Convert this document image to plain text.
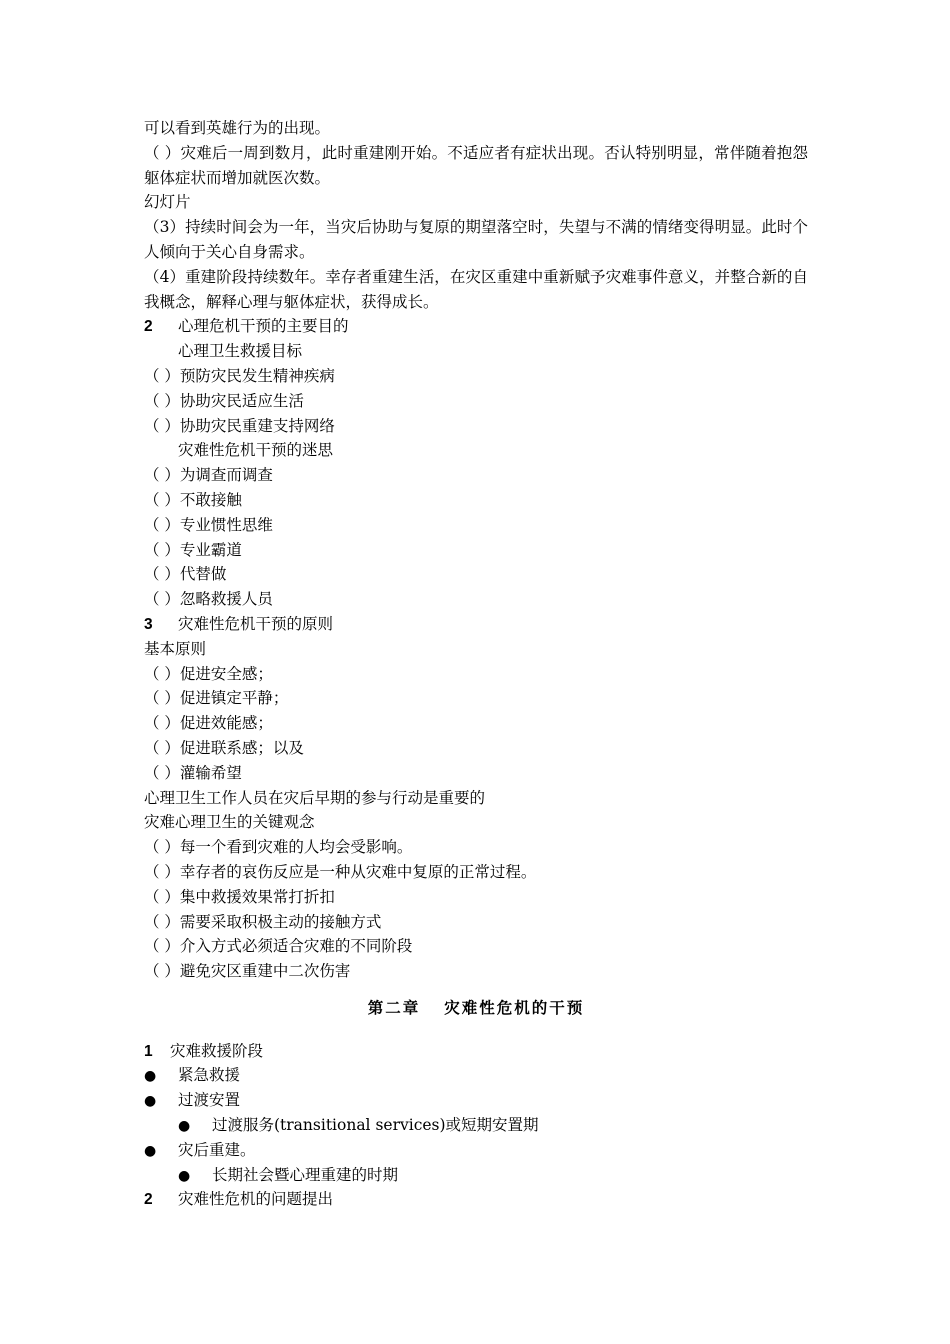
可以看到英雄行为的出现。
（ ）灾难后一周到数月，此时重建刚开始。不适应者有症状出现。否认特别明显，常伴随着抱怨躯体症状而增加就医次数。
幻灯片
（3）持续时间会为一年，当灾后协助与复原的期望落空时，失望与不满的情绪变得明显。此时个人倾向于关心自身需求。
（4）重建阶段持续数年。幸存者重建生活，在灾区重建中重新赋予灾难事件意义，并整合新的自我概念，解释心理与躯体症状，获得成长。
2 心理危机干预的主要目的
心理卫生救援目标
（ ）预防灾民发生精神疾病
（ ）协助灾民适应生活
（ ）协助灾民重建支持网络
灾难性危机干预的迷思
（ ）为调查而调查
（ ）不敢接触
（ ）专业惯性思维
（ ）专业霸道
（ ）代替做
（ ）忽略救援人员
3 灾难性危机干预的原则
基本原则
（ ）促进安全感；
（ ）促进镇定平静；
（ ）促进效能感；
（ ）促进联系感；以及
（ ）灌输希望
心理卫生工作人员在灾后早期的参与行动是重要的
灾难心理卫生的关键观念
（ ）每一个看到灾难的人均会受影响。
（ ）幸存者的哀伤反应是一种从灾难中复原的正常过程。
（ ）集中救援效果常打折扣
（ ）需要采取积极主动的接触方式
（ ）介入方式必须适合灾难的不同阶段
（ ）避免灾区重建中二次伤害
第二章 灾难性危机的干预
1 灾难救援阶段
● 紧急救援
● 过渡安置
● 过渡服务(transitional services)或短期安置期
● 灾后重建。
● 长期社会暨心理重建的时期
2 灾难性危机的问题提出
